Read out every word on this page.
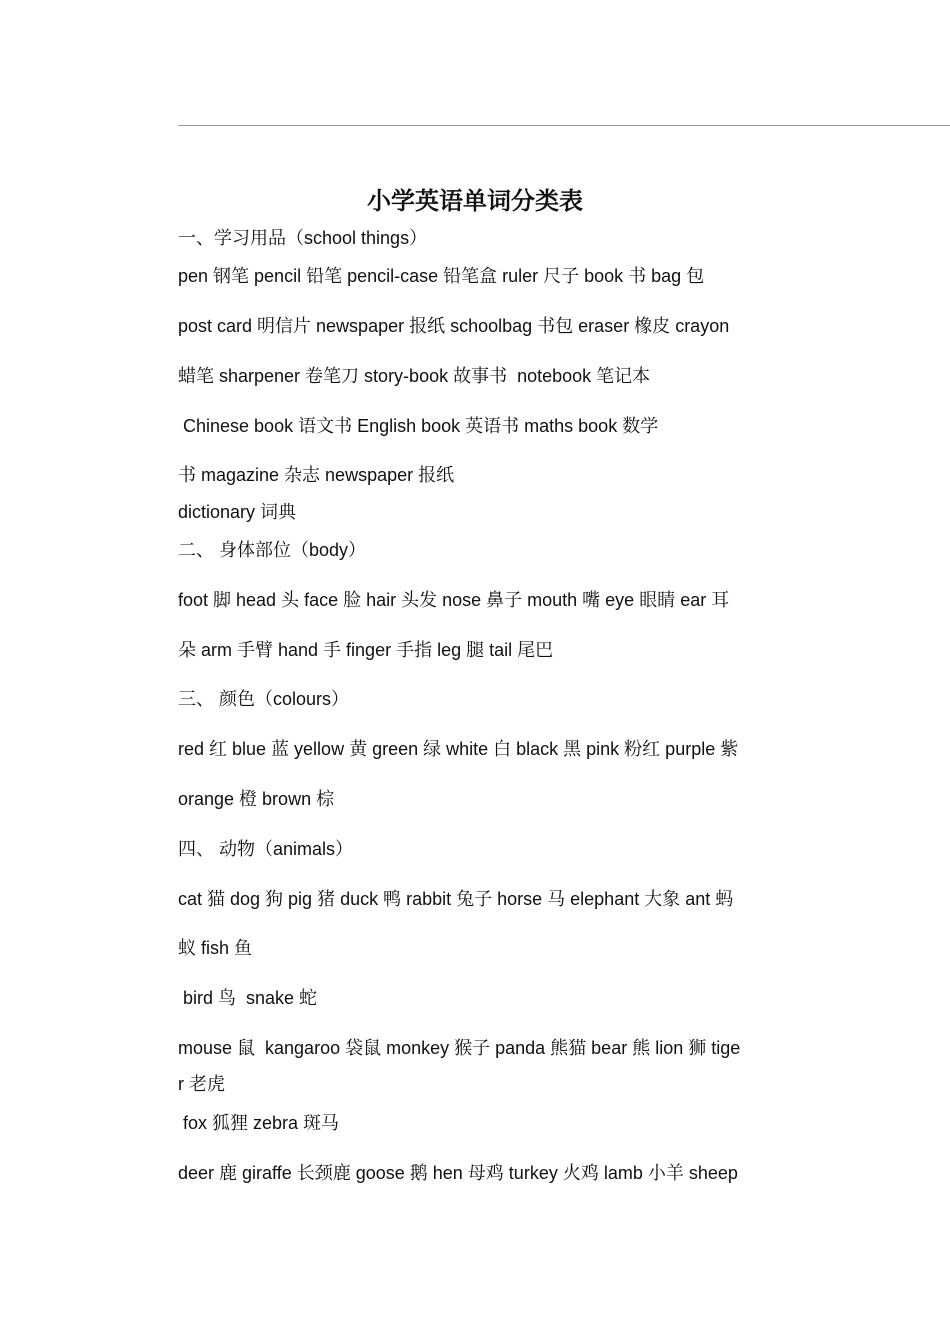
小学英语单词分类表
一、学习用品（school things）
pen 钢笔 pencil 铅笔 pencil-case 铅笔盒 ruler 尺子 book 书 bag 包
post card 明信片 newspaper 报纸 schoolbag 书包 eraser 橡皮 crayon
蜡笔 sharpener 卷笔刀 story-book 故事书  notebook 笔记本
Chinese book 语文书 English book 英语书 maths book 数学
书 magazine 杂志 newspaper 报纸
dictionary 词典
二、 身体部位（body）
foot 脚 head 头 face 脸 hair 头发 nose 鼻子 mouth 嘴 eye 眼睛 ear 耳
朵 arm 手臂 hand 手 finger 手指 leg 腿 tail 尾巴
三、 颜色（colours）
red 红 blue 蓝 yellow 黄 green 绿 white 白 black 黑 pink 粉红 purple 紫
orange 橙 brown 棕
四、 动物（animals）
cat 猫 dog 狗 pig 猪 duck 鸭 rabbit 兔子 horse 马 elephant 大象 ant 蚂
蚁 fish 鱼
bird 鸟  snake 蛇
mouse 鼠  kangaroo 袋鼠 monkey 猴子 panda 熊猫 bear 熊 lion 狮 tige
r 老虎
fox 狐狸 zebra 斑马
deer 鹿 giraffe 长颈鹿 goose 鹅 hen 母鸡 turkey 火鸡 lamb 小羊 sheep
